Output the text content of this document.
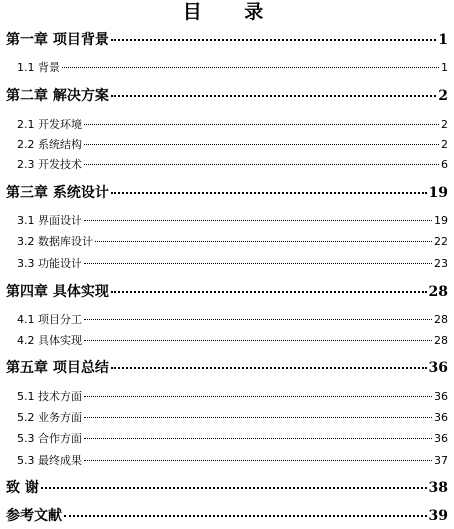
目 录
第一章 项目背景	1
1.1 背景	1
第二章 解决方案	2
2.1 开发环境	2
2.2 系统结构	2
2.3 开发技术	6
第三章 系统设计	19
3.1 界面设计	19
3.2 数据库设计	22
3.3 功能设计	23
第四章 具体实现	28
4.1 项目分工	28
4.2 具体实现	28
第五章 项目总结	36
5.1 技术方面	36
5.2 业务方面	36
5.3 合作方面	36
5.3 最终成果	37
致 谢	38
参考文献	39
